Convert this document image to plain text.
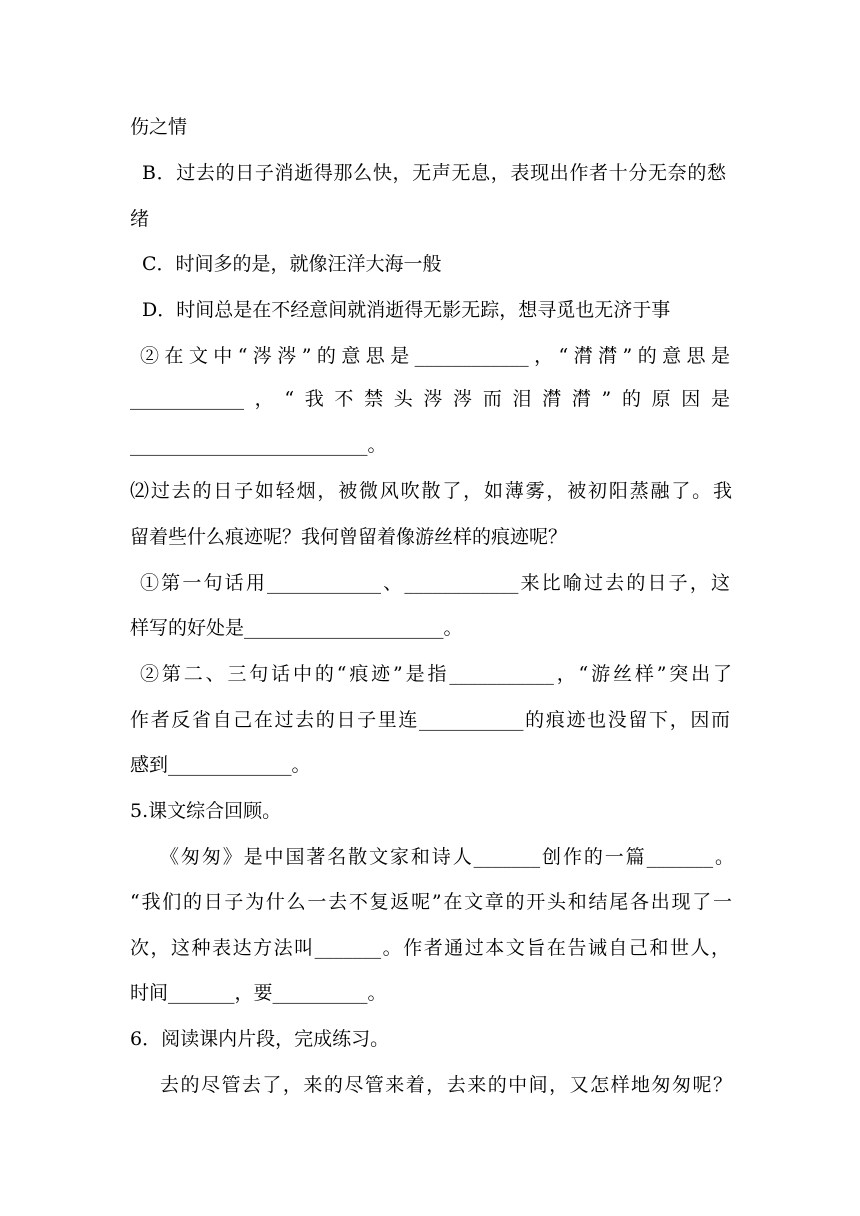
伤之情
B．过去的日子消逝得那么快，无声无息，表现出作者十分无奈的愁
绪
C．时间多的是，就像汪洋大海一般
D．时间总是在不经意间就消逝得无影无踪，想寻觅也无济于事
②在文中“涔涔”的意思是____________，“潸潸”的意思是
____________，“我不禁头涔涔而泪潸潸”的原因是
_________________________。
⑵过去的日子如轻烟，被微风吹散了，如薄雾，被初阳蒸融了。我
留着些什么痕迹呢？我何曾留着像游丝样的痕迹呢？
①第一句话用____________、____________来比喻过去的日子，这
样写的好处是_____________________。
②第二、三句话中的“痕迹”是指___________，“游丝样”突出了
作者反省自己在过去的日子里连___________的痕迹也没留下，因而
感到_____________。
5.课文综合回顾。
《匆匆》是中国著名散文家和诗人_______创作的一篇_______。
“我们的日子为什么一去不复返呢”在文章的开头和结尾各出现了一
次，这种表达方法叫_______。作者通过本文旨在告诫自己和世人，
时间_______，要__________。
6．阅读课内片段，完成练习。
去的尽管去了，来的尽管来着，去来的中间，又怎样地匆匆呢？
